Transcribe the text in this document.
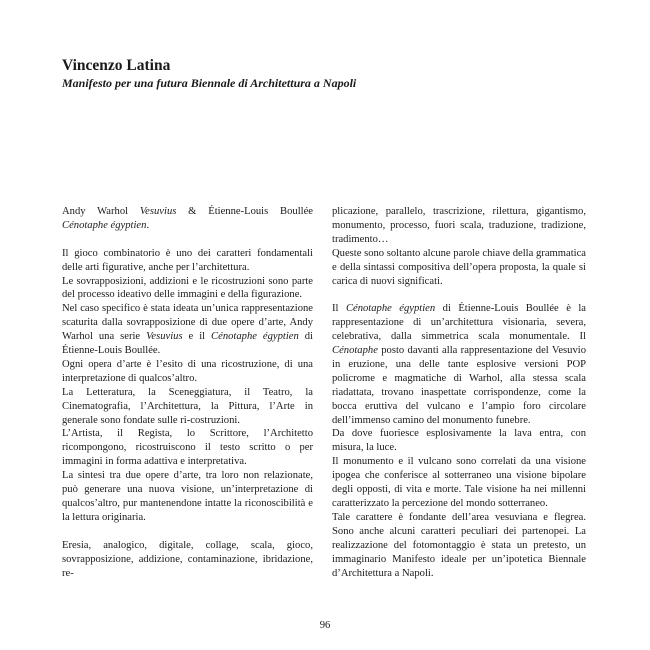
Vincenzo Latina
Manifesto per una futura Biennale di Architettura a Napoli

Andy Warhol Vesuvius & Étienne-Louis Boullée Cénotaphe égyptien.

Il gioco combinatorio è uno dei caratteri fondamentali delle arti figurative, anche per l’architettura.

Le sovrapposizioni, addizioni e le ricostruzioni sono parte del processo ideativo delle immagini e della figurazione.

Nel caso specifico è stata ideata un’unica rappresentazione scaturita dalla sovrapposizione di due opere d’arte, Andy Warhol una serie Vesuvius e il Cénotaphe égyptien di Étienne-Louis Boullée.

Ogni opera d’arte è l’esito di una ricostruzione, di una interpretazione di qualcos’altro.

La Letteratura, la Sceneggiatura, il Teatro, la Cinematografia, l’Architettura, la Pittura, l’Arte in generale sono fondate sulle ri-costruzioni.

L’Artista, il Regista, lo Scrittore, l’Architetto ricompongono, ricostruiscono il testo scritto o per immagini in forma adattiva e interpretativa.

La sintesi tra due opere d’arte, tra loro non relazionate, può generare una nuova visione, un’interpretazione di qualcos’altro, pur mantenendone intatte la riconoscibilità e la lettura originaria.

Eresia, analogico, digitale, collage, scala, gioco, sovrapposizione, addizione, contaminazione, ibridazione, re-

plicazione, parallelo, trascrizione, rilettura, gigantismo, monumento, processo, fuori scala, traduzione, tradizione, tradimento…

Queste sono soltanto alcune parole chiave della grammatica e della sintassi compositiva dell’opera proposta, la quale si carica di nuovi significati.

Il Cénotaphe égyptien di Étienne-Louis Boullée è la rappresentazione di un’architettura visionaria, severa, celebrativa, dalla simmetrica scala monumentale. Il Cénotaphe posto davanti alla rappresentazione del Vesuvio in eruzione, una delle tante esplosive versioni POP policrome e magmatiche di Warhol, alla stessa scala riadattata, trovano inaspettate corrispondenze, come la bocca eruttiva del vulcano e l’ampio foro circolare dell’immenso camino del monumento funebre.

Da dove fuoriesce esplosivamente la lava entra, con misura, la luce.

Il monumento e il vulcano sono correlati da una visione ipogea che conferisce al sotterraneo una visione bipolare degli opposti, di vita e morte. Tale visione ha nei millenni caratterizzato la percezione del mondo sotterraneo.

Tale carattere è fondante dell’area vesuviana e flegrea. Sono anche alcuni caratteri peculiari dei partenopei. La realizzazione del fotomontaggio è stata un pretesto, un immaginario Manifesto ideale per un’ipotetica Biennale d’Architettura a Napoli.

96
